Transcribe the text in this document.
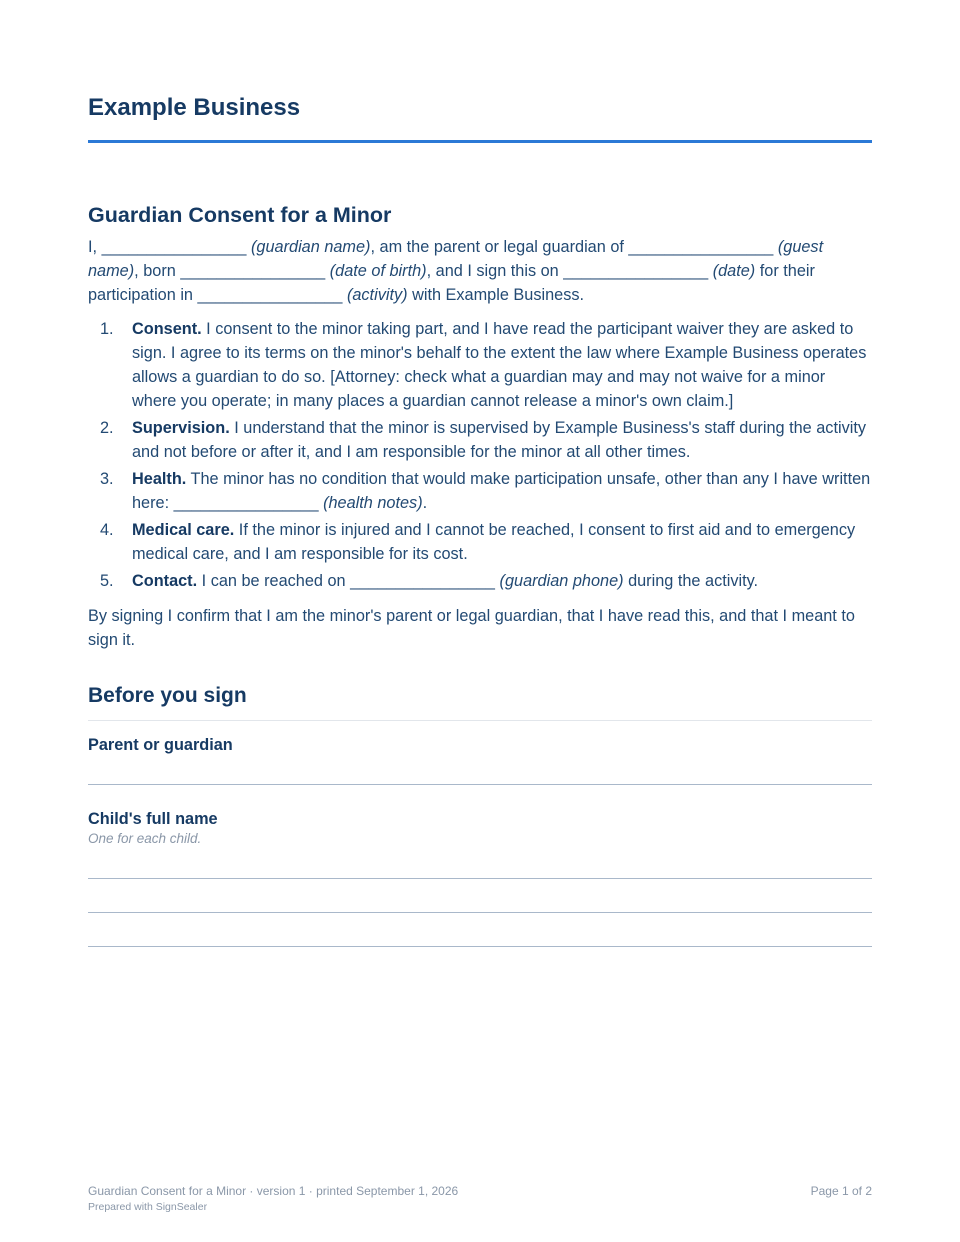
Example Business
Guardian Consent for a Minor

I, ________________ (guardian name), am the parent or legal guardian of ________________ (guest name), born ________________ (date of birth), and I sign this on ________________ (date) for their participation in ________________ (activity) with Example Business.

1. Consent. I consent to the minor taking part, and I have read the participant waiver they are asked to sign. I agree to its terms on the minor's behalf to the extent the law where Example Business operates allows a guardian to do so. [Attorney: check what a guardian may and may not waive for a minor where you operate; in many places a guardian cannot release a minor's own claim.]
2. Supervision. I understand that the minor is supervised by Example Business's staff during the activity and not before or after it, and I am responsible for the minor at all other times.
3. Health. The minor has no condition that would make participation unsafe, other than any I have written here: ________________ (health notes).
4. Medical care. If the minor is injured and I cannot be reached, I consent to first aid and to emergency medical care, and I am responsible for its cost.
5. Contact. I can be reached on ________________ (guardian phone) during the activity.

By signing I confirm that I am the minor's parent or legal guardian, that I have read this, and that I meant to sign it.

Before you sign

Parent or guardian

Child's full name

One for each child.

Guardian Consent for a Minor · version 1 · printed September 1, 2026
Prepared with SignSealer
Page 1 of 2
